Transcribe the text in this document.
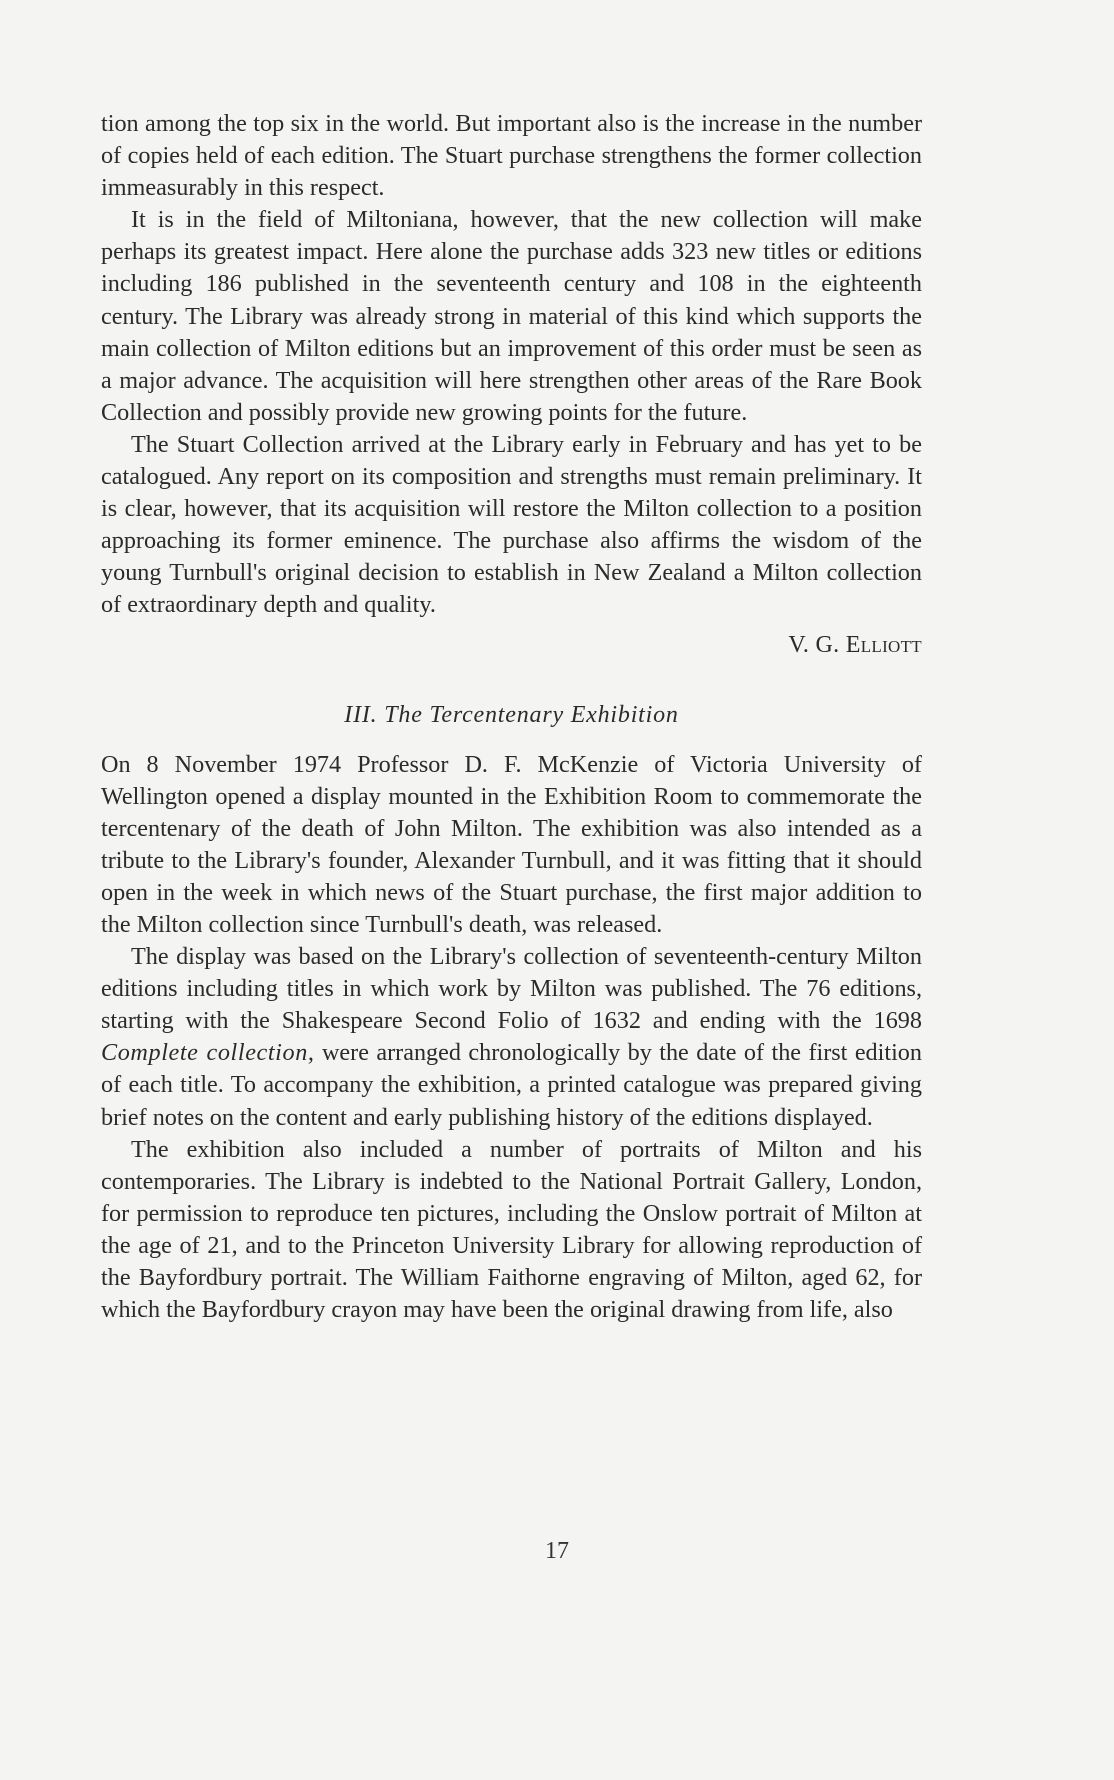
tion among the top six in the world. But important also is the increase in the number of copies held of each edition. The Stuart purchase strengthens the former collection immeasurably in this respect.

It is in the field of Miltoniana, however, that the new collection will make perhaps its greatest impact. Here alone the purchase adds 323 new titles or editions including 186 published in the seventeenth century and 108 in the eighteenth century. The Library was already strong in material of this kind which supports the main collection of Milton editions but an improvement of this order must be seen as a major advance. The acquisition will here strengthen other areas of the Rare Book Collection and possibly provide new growing points for the future.

The Stuart Collection arrived at the Library early in February and has yet to be catalogued. Any report on its composition and strengths must remain preliminary. It is clear, however, that its acquisition will restore the Milton collection to a position approaching its former eminence. The purchase also affirms the wisdom of the young Turnbull's original decision to establish in New Zealand a Milton collection of extraordinary depth and quality.

V. G. Elliott
III. The Tercentenary Exhibition

On 8 November 1974 Professor D. F. McKenzie of Victoria University of Wellington opened a display mounted in the Exhibition Room to commemorate the tercentenary of the death of John Milton. The exhibition was also intended as a tribute to the Library's founder, Alexander Turnbull, and it was fitting that it should open in the week in which news of the Stuart purchase, the first major addition to the Milton collection since Turnbull's death, was released.

The display was based on the Library's collection of seventeenth-century Milton editions including titles in which work by Milton was published. The 76 editions, starting with the Shakespeare Second Folio of 1632 and ending with the 1698 Complete collection, were arranged chronologically by the date of the first edition of each title. To accompany the exhibition, a printed catalogue was prepared giving brief notes on the content and early publishing history of the editions displayed.

The exhibition also included a number of portraits of Milton and his contemporaries. The Library is indebted to the National Portrait Gallery, London, for permission to reproduce ten pictures, including the Onslow portrait of Milton at the age of 21, and to the Princeton University Library for allowing reproduction of the Bayfordbury portrait. The William Faithorne engraving of Milton, aged 62, for which the Bayfordbury crayon may have been the original drawing from life, also

17
